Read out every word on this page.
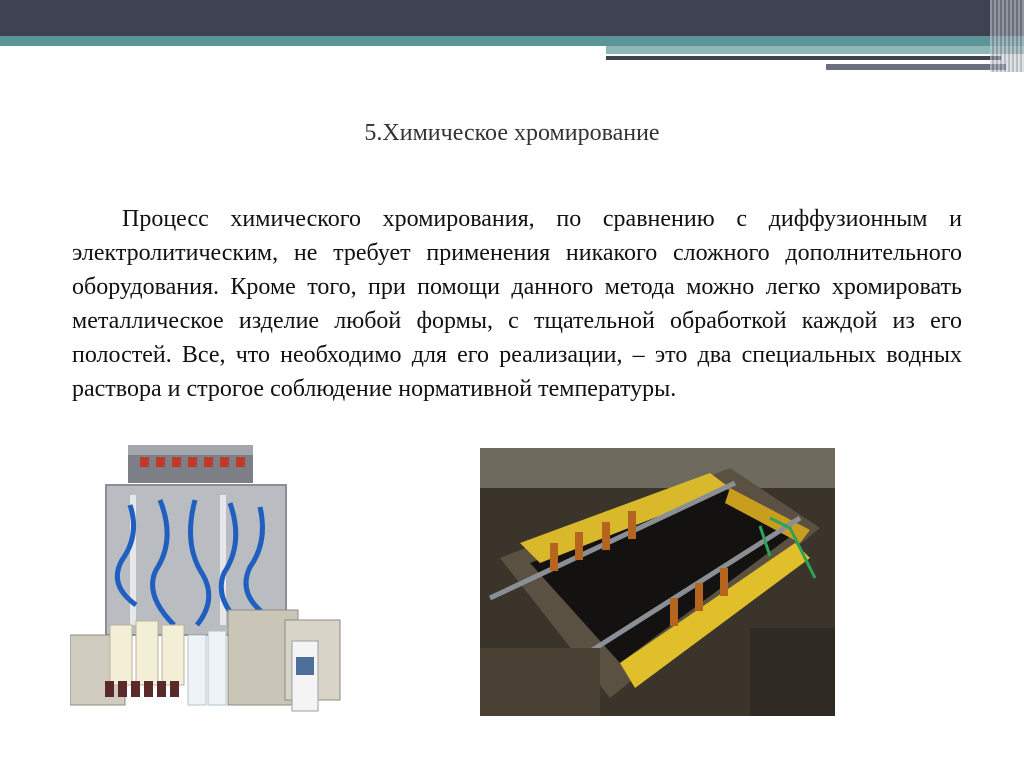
5.Химическое хромирование

Процесс химического хромирования, по сравнению с диффузионным и электролитическим, не требует применения никакого сложного дополнительного оборудования. Кроме того, при помощи данного метода можно легко хромировать металлическое изделие любой формы, с тщательной обработкой каждой из его полостей. Все, что необходимо для его реализации, – это два специальных водных раствора и строгое соблюдение нормативной температуры.
